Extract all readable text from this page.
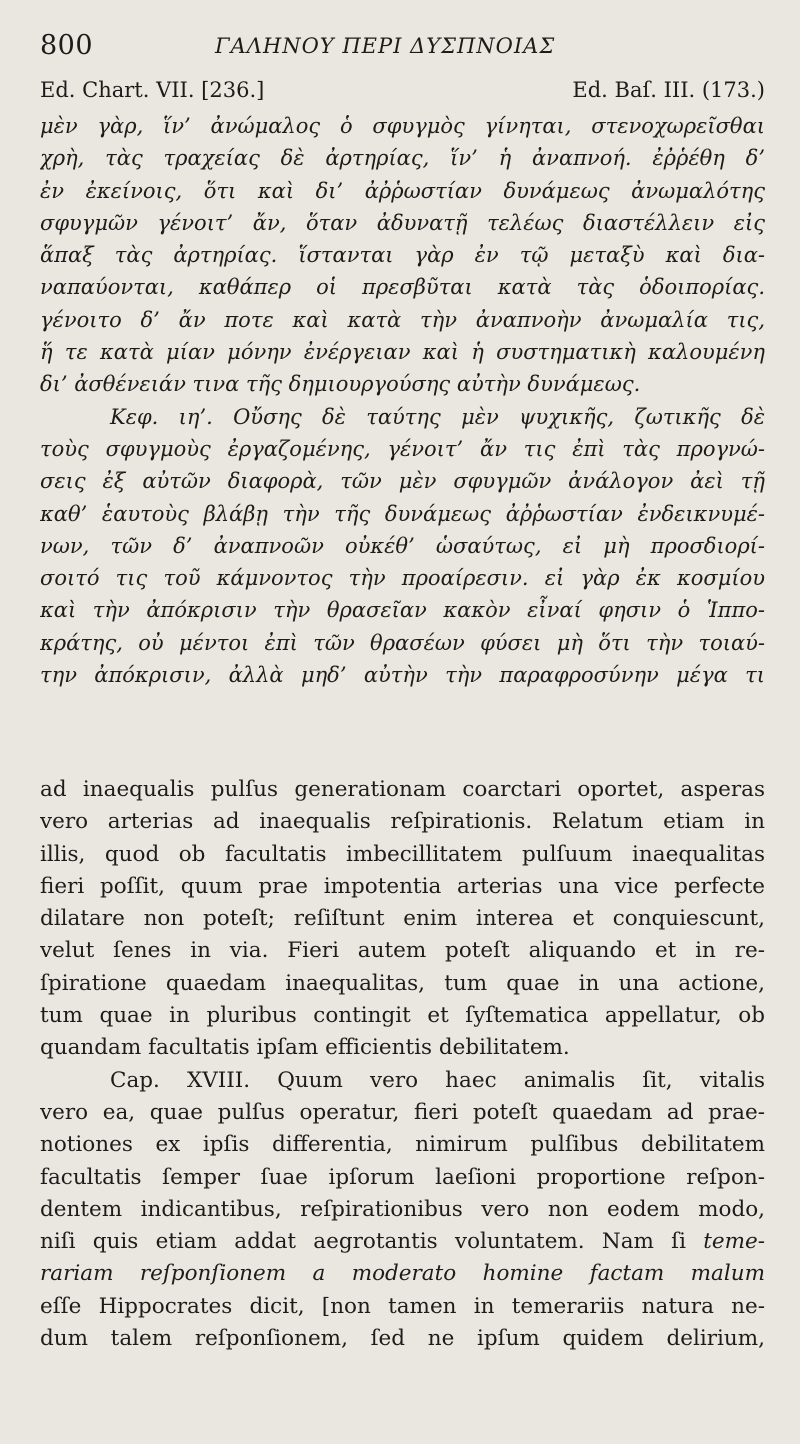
800	ΓΑΛΗΝΟΥ ΠΕΡΙ ΔΥΣΠΝΟΙΑΣ
Ed. Chart. VII. [236.]	Ed. Baſ. III. (173.)
μὲν γὰρ, ἵν’ ἀνώμαλος ὁ σφυγμὸς γίνηται, στενοχωρεῖσθαι
χρὴ, τὰς τραχείας δὲ ἀρτηρίας, ἵν’ ἡ ἀναπνοή. ἐῤῥέθη δ’
ἐν ἐκείνοις, ὅτι καὶ δι’ ἀῤῥωστίαν δυνάμεως ἀνωμαλότης
σφυγμῶν γένοιτ’ ἄν, ὅταν ἀδυνατῇ τελέως διαστέλλειν εἰς
ἅπαξ τὰς ἀρτηρίας. ἵστανται γὰρ ἐν τῷ μεταξὺ καὶ δια-
ναπαύονται, καθάπερ οἱ πρεσβῦται κατὰ τὰς ὁδοιπορίας.
γένοιτο δ’ ἄν ποτε καὶ κατὰ τὴν ἀναπνοὴν ἀνωμαλία τις,
ἥ τε κατὰ μίαν μόνην ἐνέργειαν καὶ ἡ συστηματικὴ καλουμένη
δι’ ἀσθένειάν τινα τῆς δημιουργούσης αὐτὴν δυνάμεως.
Κεφ. ιη’. Οὔσης δὲ ταύτης μὲν ψυχικῆς, ζωτικῆς δὲ
τοὺς σφυγμοὺς ἐργαζομένης, γένοιτ’ ἄν τις ἐπὶ τὰς προγνώ-
σεις ἐξ αὐτῶν διαφορὰ, τῶν μὲν σφυγμῶν ἀνάλογον ἀεὶ τῇ
καθ’ ἑαυτοὺς βλάβῃ τὴν τῆς δυνάμεως ἀῤῥωστίαν ἐνδεικνυμέ-
νων, τῶν δ’ ἀναπνοῶν οὐκέθ’ ὡσαύτως, εἰ μὴ προσδιορί-
σοιτό τις τοῦ κάμνοντος τὴν προαίρεσιν. εἰ γὰρ ἐκ κοσμίου
καὶ τὴν ἀπόκρισιν τὴν θρασεῖαν κακὸν εἶναί φησιν ὁ Ἱππο-
κράτης, οὐ μέντοι ἐπὶ τῶν θρασέων φύσει μὴ ὅτι τὴν τοιαύ-
την ἀπόκρισιν, ἀλλὰ μηδ’ αὐτὴν τὴν παραφροσύνην μέγα τι
ad inaequalis pulſus generationam coarctari oportet, asperas
vero arterias ad inaequalis reſpirationis. Relatum etiam in
illis, quod ob facultatis imbecillitatem pulſuum inaequalitas
fieri poſſit, quum prae impotentia arterias una vice perfecte
dilatare non poteſt; reſiſtunt enim interea et conquiescunt,
velut ſenes in via. Fieri autem poteſt aliquando et in re-
ſpiratione quaedam inaequalitas, tum quae in una actione,
tum quae in pluribus contingit et ſyſtematica appellatur, ob
quandam facultatis ipſam efficientis debilitatem.
Cap. XVIII. Quum vero haec animalis ſit, vitalis
vero ea, quae pulſus operatur, fieri poteſt quaedam ad prae-
notiones ex ipſis differentia, nimirum pulſibus debilitatem
facultatis ſemper ſuae ipſorum laeſioni proportione reſpon-
dentem indicantibus, reſpirationibus vero non eodem modo,
niſi quis etiam addat aegrotantis voluntatem. Nam ſi teme-
rariam reſponſionem a moderato homine factam malum
eſſe Hippocrates dicit, [non tamen in temerariis natura ne-
dum talem reſponſionem, ſed ne ipſum quidem delirium,
